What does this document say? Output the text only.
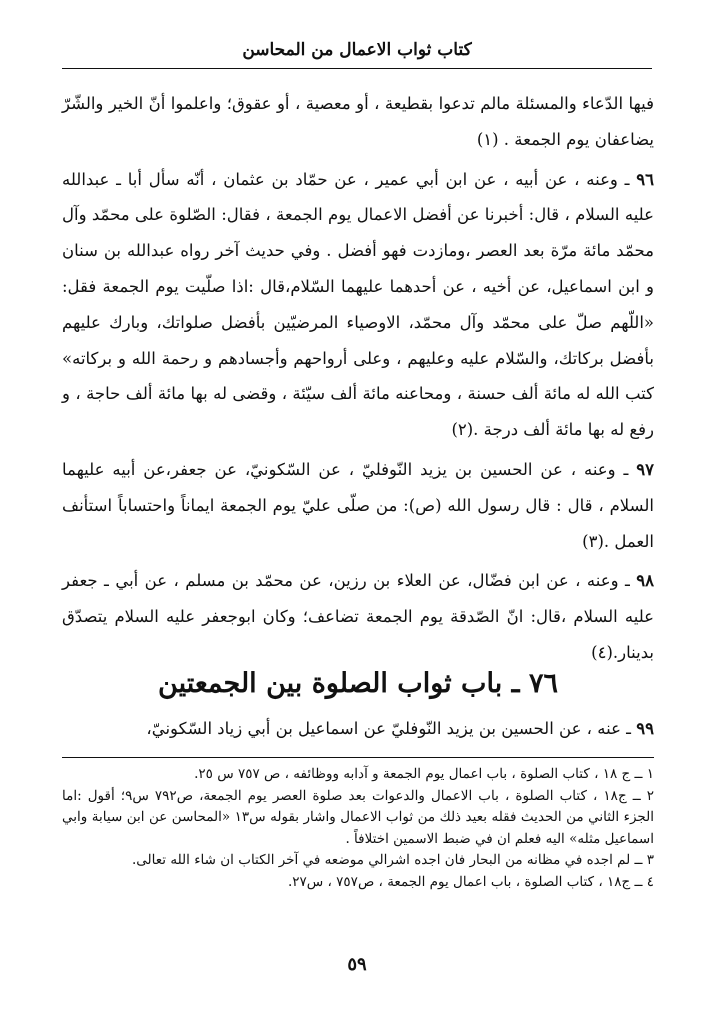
كتاب ثواب الاعمال من المحاسن

فيها الدّعاء والمسئلة مالم تدعوا بقطيعة ، أو معصية ، أو عقوق؛ واعلموا أنّ الخير والشّرّ يضاعفان يوم الجمعة . (١)

٩٦ ـ وعنه ، عن أبيه ، عن ابن أبي عمير ، عن حمّاد بن عثمان ، أنّه سأل أبا ـ عبدالله عليه السلام ، قال: أخبرنا عن أفضل الاعمال يوم الجمعة ، فقال: الصّلوة على محمّد وآل محمّد مائة مرّة بعد العصر ،ومازدت فهو أفضل . وفي حديث آخر رواه عبدالله بن سنان و ابن اسماعيل، عن أخيه ، عن أحدهما عليهما السّلام،قال :اذا صلّيت يوم الجمعة فقل: «اللّهم صلّ على محمّد وآل محمّد، الاوصياء المرضيّين بأفضل صلواتك، وبارك عليهم بأفضل بركاتك، والسّلام عليه وعليهم ، وعلى أرواحهم وأجسادهم و رحمة الله و بركاته» كتب الله له مائة ألف حسنة ، ومحاعنه مائة ألف سيّئة ، وقضى له بها مائة ألف حاجة ، و رفع له بها مائة ألف درجة .(٢)

٩٧ ـ وعنه ، عن الحسين بن يزيد النّوفليّ ، عن السّكونيّ، عن جعفر،عن أبيه عليهما السلام ، قال : قال رسول الله (ص): من صلّى عليّ يوم الجمعة ايماناً واحتساباً استأنف العمل .(٣)

٩٨ ـ وعنه ، عن ابن فضّال، عن العلاء بن رزين، عن محمّد بن مسلم ، عن أبي ـ جعفر عليه السلام ،قال: انّ الصّدقة يوم الجمعة تضاعف؛ وكان ابوجعفر عليه السلام يتصدّق بدينار.(٤)

٧٦ ـ باب ثواب الصلوة بين الجمعتين
٩٩ ـ عنه ، عن الحسين بن يزيد النّوفليّ عن اسماعيل بن أبي زياد السّكونيّ،

١ ــ ج ١٨ ، كتاب الصلوة ، باب اعمال يوم الجمعة و آدابه ووظائفه ، ص ٧٥٧ س ٢٥.

٢ ــ ج١٨ ، كتاب الصلوة ، باب الاعمال والدعوات بعد صلوة العصر يوم الجمعة، ص٧٩٢ س٩؛ أقول :اما الجزء الثاني من الحديث فقله بعيد ذلك من ثواب الاعمال واشار بقوله س١٣ «المحاسن عن ابن سيابة وابي اسماعيل مثله» اليه فعلم ان في ضبط الاسمين اختلافاً .

٣ ــ لم اجده في مظانه من البحار فان اجده اشرالي موضعه في آخر الكتاب ان شاء الله تعالى.

٤ ــ ج١٨ ، كتاب الصلوة ، باب اعمال يوم الجمعة ، ص٧٥٧ ، س٢٧.

٥٩
